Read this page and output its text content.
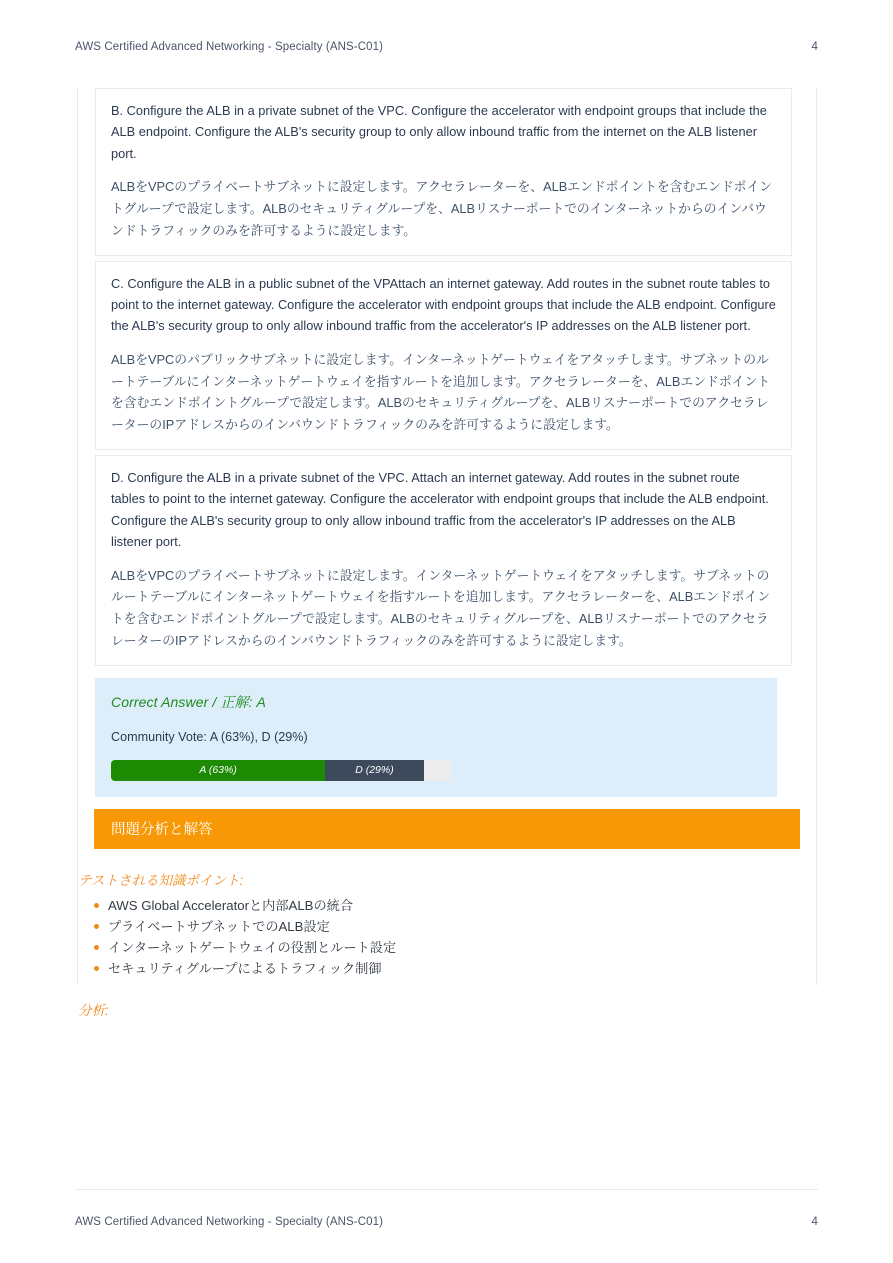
AWS Certified Advanced Networking - Specialty (ANS-C01)	4

B. Configure the ALB in a private subnet of the VPC. Configure the accelerator with endpoint groups that include the ALB endpoint. Configure the ALB's security group to only allow inbound traffic from the internet on the ALB listener port.

ALBをVPCのプライベートサブネットに設定します。アクセラレーターを、ALBエンドポイントを含むエンドポイントグループで設定します。ALBのセキュリティグループを、ALBリスナーポートでのインターネットからのインバウンドトラフィックのみを許可するように設定します。

C. Configure the ALB in a public subnet of the VPAttach an internet gateway. Add routes in the subnet route tables to point to the internet gateway. Configure the accelerator with endpoint groups that include the ALB endpoint. Configure the ALB's security group to only allow inbound traffic from the accelerator's IP addresses on the ALB listener port.

ALBをVPCのパブリックサブネットに設定します。インターネットゲートウェイをアタッチします。サブネットのルートテーブルにインターネットゲートウェイを指すルートを追加します。アクセラレーターを、ALBエンドポイントを含むエンドポイントグループで設定します。ALBのセキュリティグループを、ALBリスナーポートでのアクセラレーターのIPアドレスからのインバウンドトラフィックのみを許可するように設定します。

D. Configure the ALB in a private subnet of the VPC. Attach an internet gateway. Add routes in the subnet route tables to point to the internet gateway. Configure the accelerator with endpoint groups that include the ALB endpoint. Configure the ALB's security group to only allow inbound traffic from the accelerator's IP addresses on the ALB listener port.

ALBをVPCのプライベートサブネットに設定します。インターネットゲートウェイをアタッチします。サブネットのルートテーブルにインターネットゲートウェイを指すルートを追加します。アクセラレーターを、ALBエンドポイントを含むエンドポイントグループで設定します。ALBのセキュリティグループを、ALBリスナーポートでのアクセラレーターのIPアドレスからのインバウンドトラフィックのみを許可するように設定します。

Correct Answer / 正解: A

Community Vote: A (63%), D (29%)

A (63%)	D (29%)
問題分析と解答

テストされる知識ポイント:

AWS Global Acceleratorと内部ALBの統合
プライベートサブネットでのALB設定
インターネットゲートウェイの役割とルート設定
セキュリティグループによるトラフィック制御

分析:

AWS Certified Advanced Networking - Specialty (ANS-C01)	4
